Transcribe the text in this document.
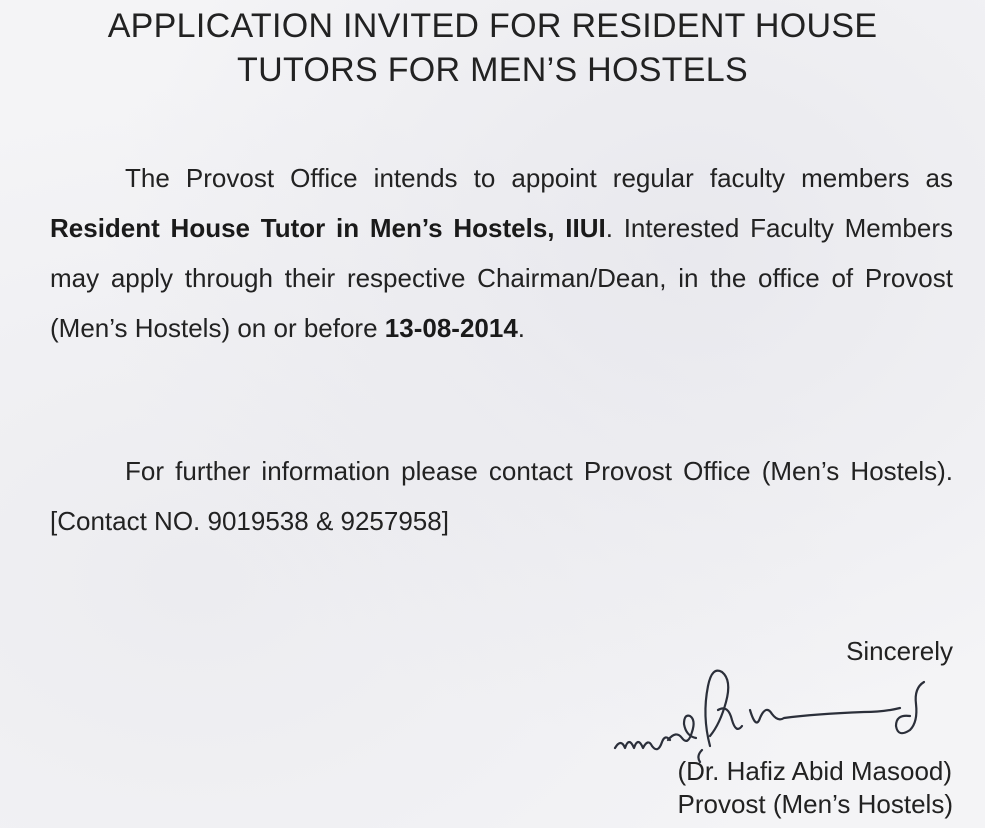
APPLICATION INVITED FOR RESIDENT HOUSE
TUTORS FOR MEN’S HOSTELS

The Provost Office intends to appoint regular faculty members as Resident House Tutor in Men’s Hostels, IIUI. Interested Faculty Members may apply through their respective Chairman/Dean, in the office of Provost (Men’s Hostels) on or before 13-08-2014.

For further information please contact Provost Office (Men’s Hostels). [Contact NO. 9019538 & 9257958]

Sincerely
(Dr. Hafiz Abid Masood)
Provost (Men’s Hostels)
